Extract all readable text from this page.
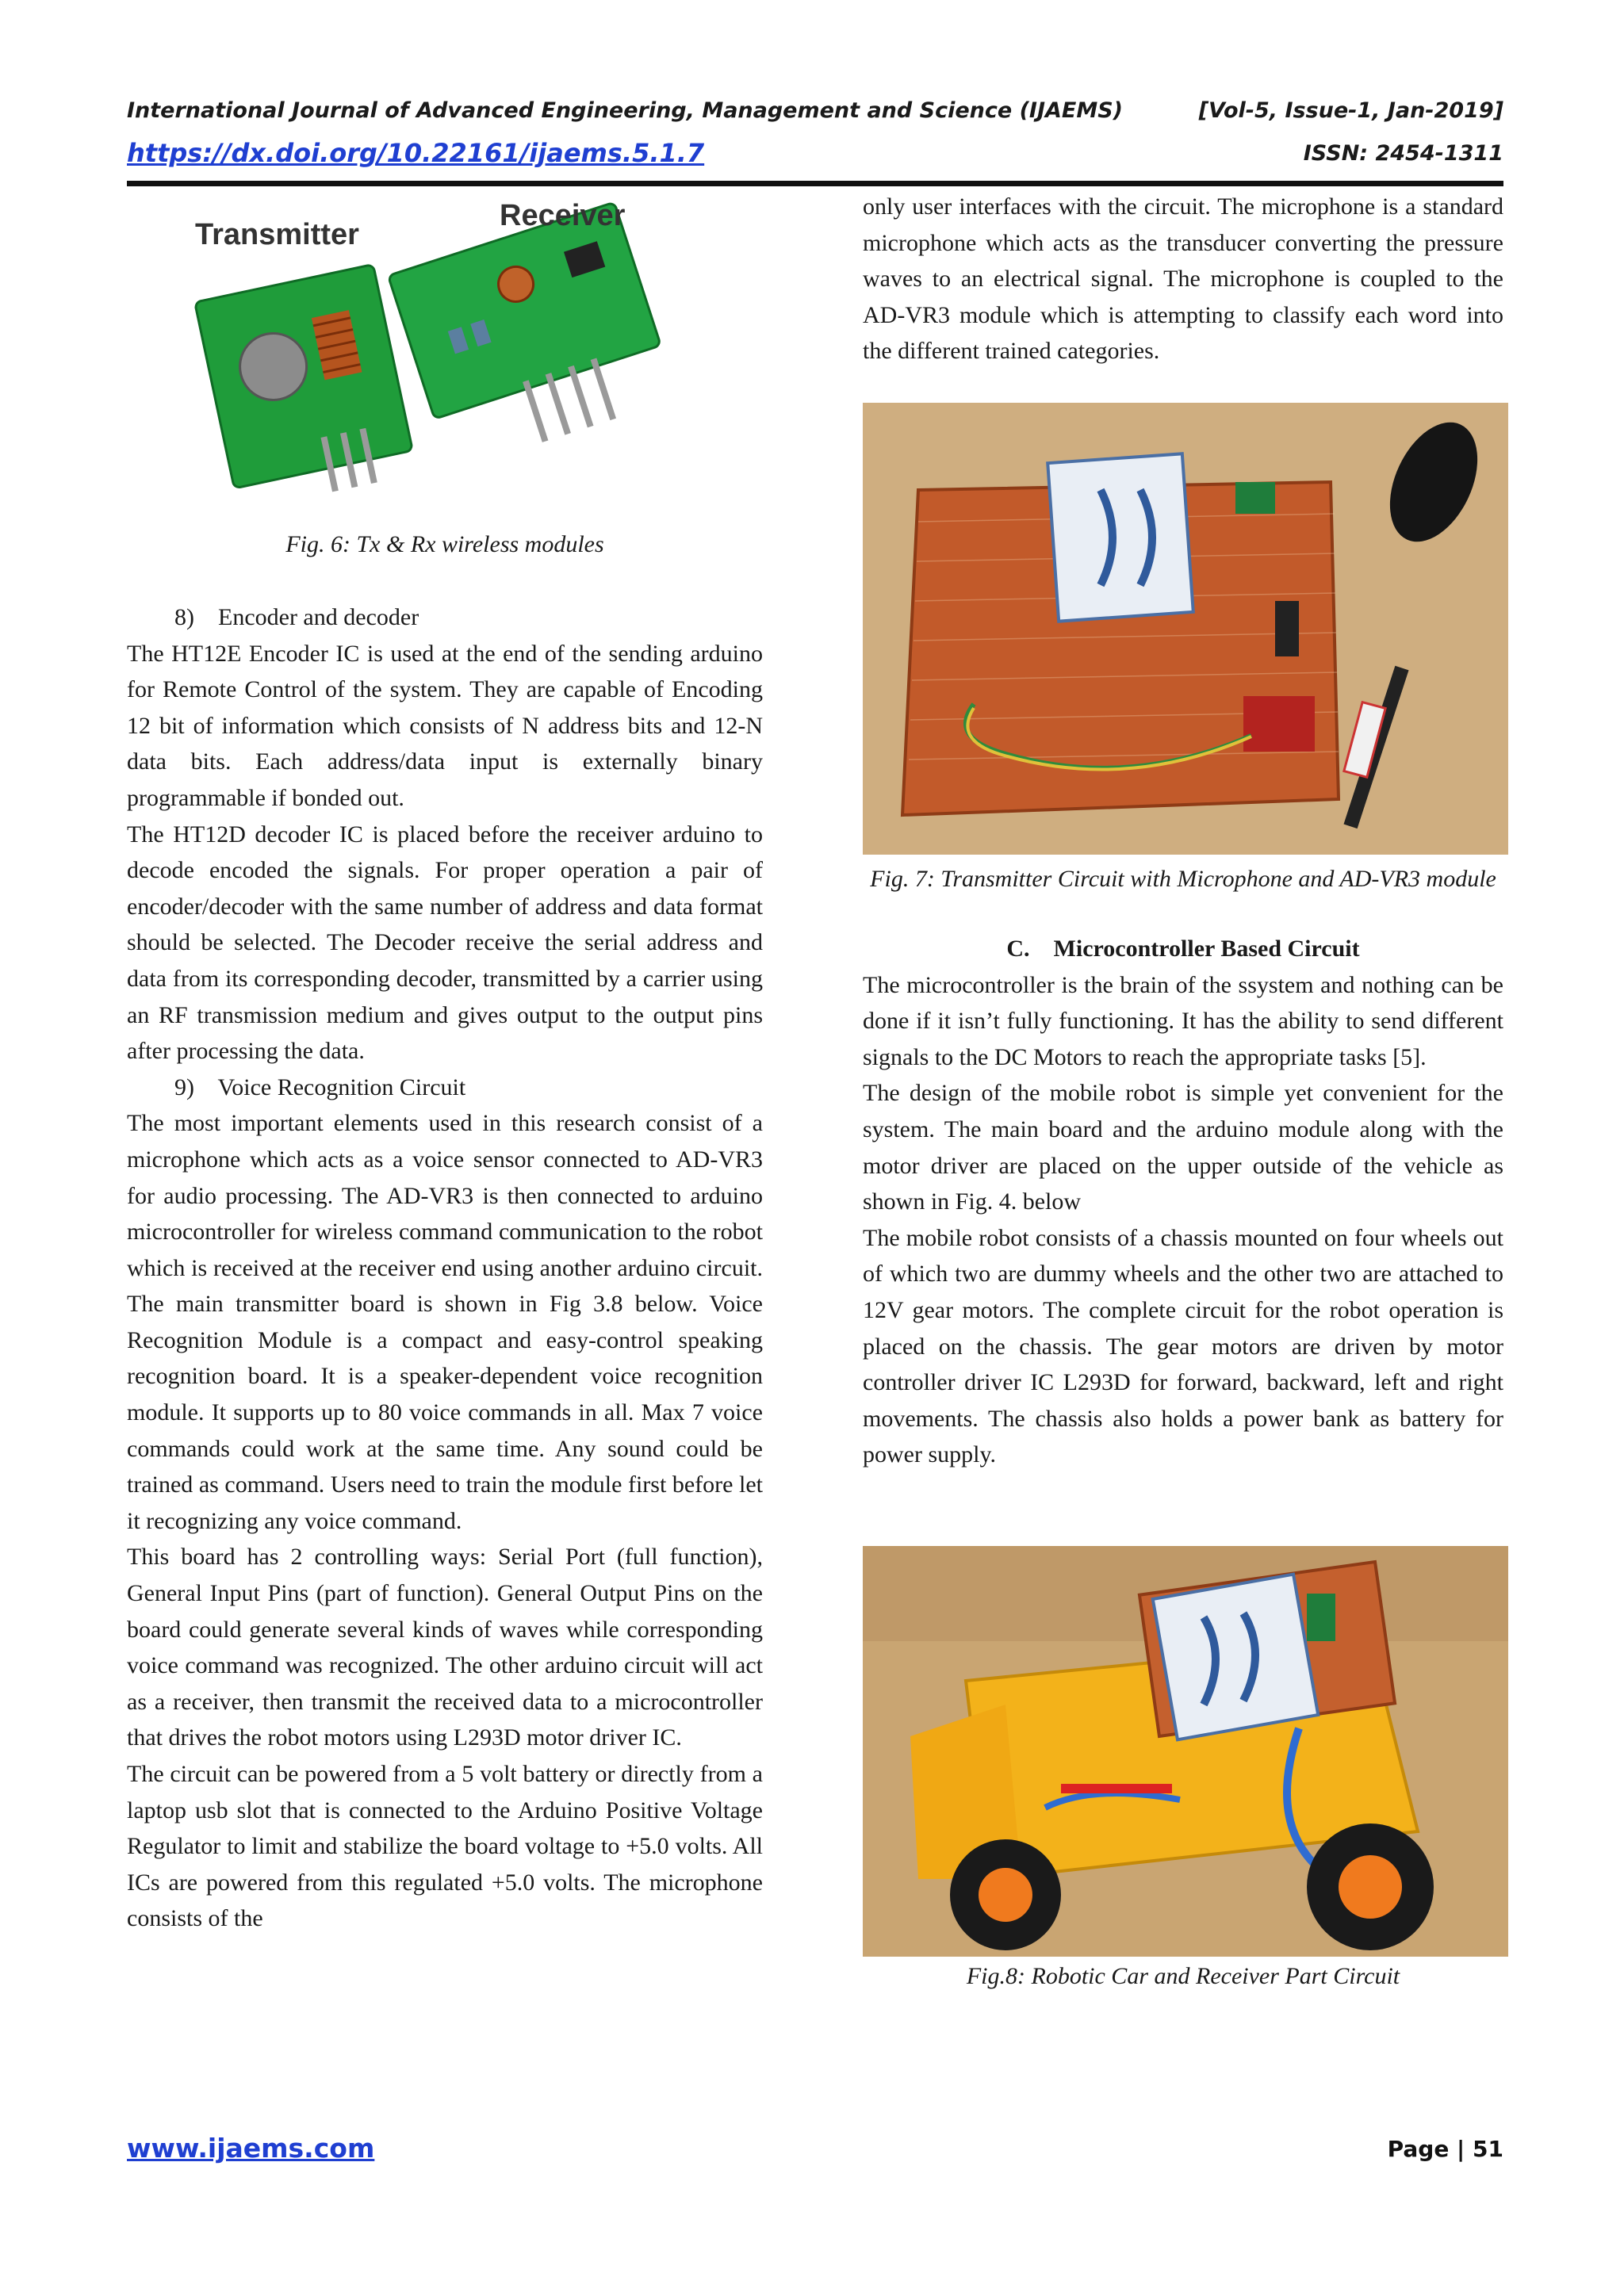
International Journal of Advanced Engineering, Management and Science (IJAEMS)	[Vol-5, Issue-1, Jan-2019]
https://dx.doi.org/10.22161/ijaems.5.1.7	ISSN: 2454-1311
Transmitter
Receiver
Fig. 6: Tx & Rx wireless modules

8)    Encoder and decoder

The HT12E Encoder IC is used at the end of the sending arduino for Remote Control of the system. They are capable of Encoding 12 bit of information which consists of N address bits and 12-N data bits. Each address/data input is externally binary programmable if bonded out.

The HT12D decoder IC is placed before the receiver arduino to decode encoded the signals. For proper operation a pair of encoder/decoder with the same number of address and data format should be selected. The Decoder receive the serial address and data from its corresponding decoder, transmitted by a carrier using an RF transmission medium and gives output to the output pins after processing the data.

9)    Voice Recognition Circuit

The most important elements used in this research consist of a microphone which acts as a voice sensor connected to AD-VR3 for audio processing. The AD-VR3 is then connected to arduino microcontroller for wireless command communication to the robot which is received at the receiver end using another arduino circuit. The main transmitter board is shown in Fig 3.8 below. Voice Recognition Module is a compact and easy-control speaking recognition board. It is a speaker-dependent voice recognition module. It supports up to 80 voice commands in all. Max 7 voice commands could work at the same time. Any sound could be trained as command. Users need to train the module first before let it recognizing any voice command.

This board has 2 controlling ways: Serial Port (full function), General Input Pins (part of function). General Output Pins on the board could generate several kinds of waves while corresponding voice command was recognized. The other arduino circuit will act as a receiver, then transmit the received data to a microcontroller that drives the robot motors using L293D motor driver IC.

The circuit can be powered from a 5 volt battery or directly from a laptop usb slot that is connected to the Arduino Positive Voltage Regulator to limit and stabilize the board voltage to +5.0 volts. All ICs are powered from this regulated +5.0 volts. The microphone consists of the

only user interfaces with the circuit. The microphone is a standard microphone which acts as the transducer converting the pressure waves to an electrical signal. The microphone is coupled to the AD-VR3 module which is attempting to classify each word into the different trained categories.

Fig. 7: Transmitter Circuit with Microphone and AD-VR3 module

C.    Microcontroller Based Circuit

The microcontroller is the brain of the ssystem and nothing can be done if it isn’t fully functioning. It has the ability to send different signals to the DC Motors to reach the appropriate tasks [5].

The design of the mobile robot is simple yet convenient for the system. The main board and the arduino module along with the motor driver are placed on the upper outside of the vehicle as shown in Fig. 4. below

The mobile robot consists of a chassis mounted on four wheels out of which two are dummy wheels and the other two are attached to 12V gear motors. The complete circuit for the robot operation is placed on the chassis. The gear motors are driven by motor controller driver IC L293D for forward, backward, left and right movements. The chassis also holds a power bank as battery for power supply.

Fig.8: Robotic Car and Receiver Part Circuit
www.ijaems.com	Page | 51
